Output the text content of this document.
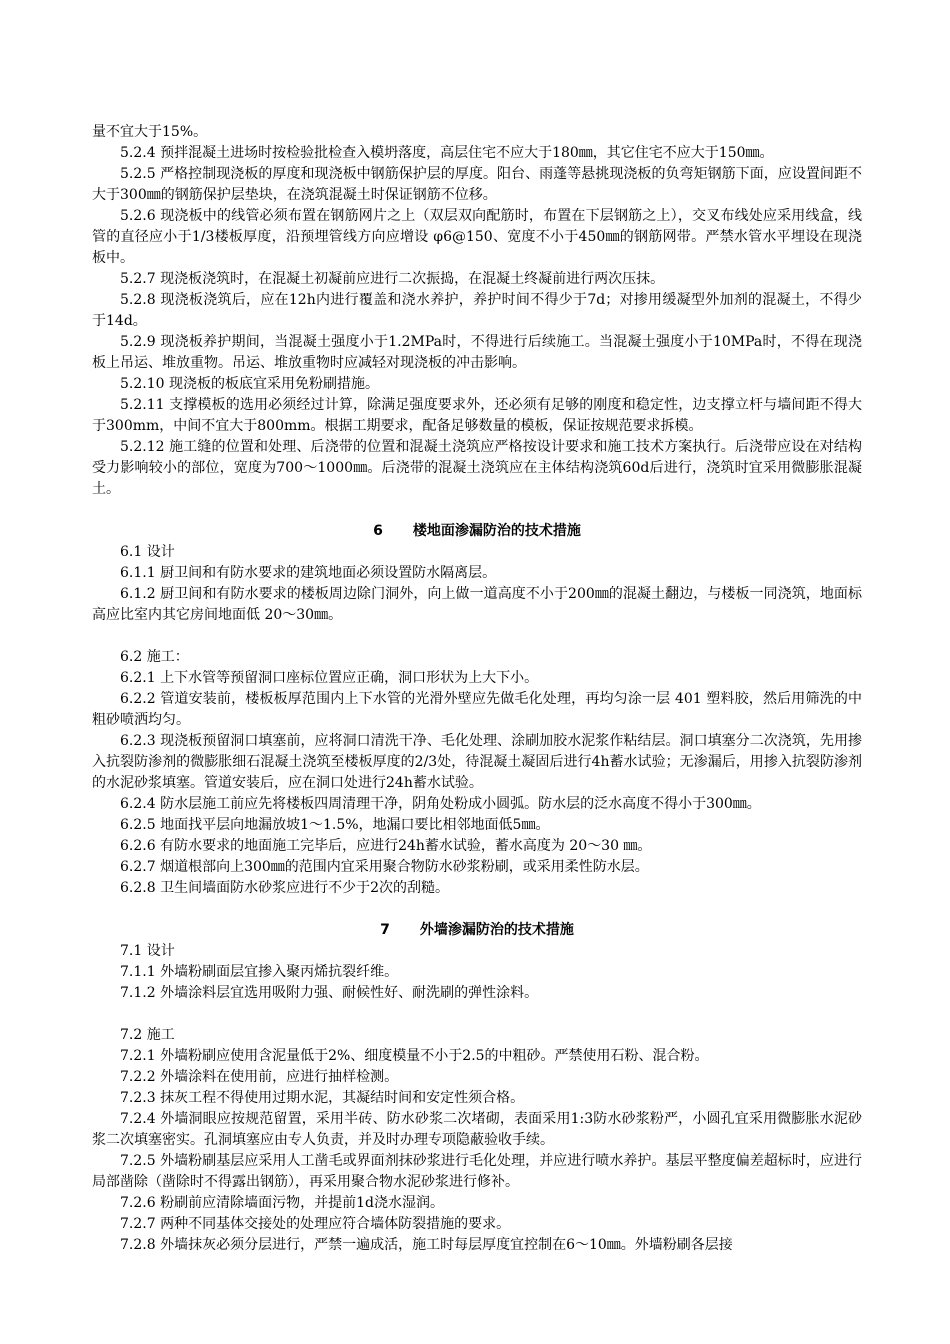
量不宜大于15%。
5.2.4 预拌混凝土进场时按检验批检查入模坍落度，高层住宅不应大于180㎜，其它住宅不应大于150㎜。
5.2.5 严格控制现浇板的厚度和现浇板中钢筋保护层的厚度。阳台、雨蓬等悬挑现浇板的负弯矩钢筋下面，应设置间距不大于300㎜的钢筋保护层垫块，在浇筑混凝土时保证钢筋不位移。
5.2.6 现浇板中的线管必须布置在钢筋网片之上（双层双向配筋时，布置在下层钢筋之上），交叉布线处应采用线盒，线管的直径应小于1/3楼板厚度，沿预埋管线方向应增设 φ6@150、宽度不小于450㎜的钢筋网带。严禁水管水平埋设在现浇板中。
5.2.7 现浇板浇筑时，在混凝土初凝前应进行二次振捣，在混凝土终凝前进行两次压抹。
5.2.8 现浇板浇筑后，应在12h内进行覆盖和浇水养护，养护时间不得少于7d；对掺用缓凝型外加剂的混凝土，不得少于14d。
5.2.9 现浇板养护期间，当混凝土强度小于1.2MPa时，不得进行后续施工。当混凝土强度小于10MPa时，不得在现浇板上吊运、堆放重物。吊运、堆放重物时应减轻对现浇板的冲击影响。
5.2.10 现浇板的板底宜采用免粉刷措施。
5.2.11 支撑模板的选用必须经过计算，除满足强度要求外，还必须有足够的刚度和稳定性，边支撑立杆与墙间距不得大于300mm，中间不宜大于800mm。根据工期要求，配备足够数量的模板，保证按规范要求拆模。
5.2.12 施工缝的位置和处理、后浇带的位置和混凝土浇筑应严格按设计要求和施工技术方案执行。后浇带应设在对结构受力影响较小的部位，宽度为700～1000㎜。后浇带的混凝土浇筑应在主体结构浇筑60d后进行，浇筑时宜采用微膨胀混凝土。
6 楼地面渗漏防治的技术措施
6.1 设计
6.1.1 厨卫间和有防水要求的建筑地面必须设置防水隔离层。
6.1.2 厨卫间和有防水要求的楼板周边除门洞外，向上做一道高度不小于200㎜的混凝土翻边，与楼板一同浇筑，地面标高应比室内其它房间地面低 20～30㎜。
6.2 施工：
6.2.1 上下水管等预留洞口座标位置应正确，洞口形状为上大下小。
6.2.2 管道安装前，楼板板厚范围内上下水管的光滑外壁应先做毛化处理，再均匀涂一层 401 塑料胶，然后用筛洗的中粗砂喷洒均匀。
6.2.3 现浇板预留洞口填塞前，应将洞口清洗干净、毛化处理、涂刷加胶水泥浆作粘结层。洞口填塞分二次浇筑，先用掺入抗裂防渗剂的微膨胀细石混凝土浇筑至楼板厚度的2/3处，待混凝土凝固后进行4h蓄水试验；无渗漏后，用掺入抗裂防渗剂的水泥砂浆填塞。管道安装后，应在洞口处进行24h蓄水试验。
6.2.4 防水层施工前应先将楼板四周清理干净，阴角处粉成小圆弧。防水层的泛水高度不得小于300㎜。
6.2.5 地面找平层向地漏放坡1～1.5%，地漏口要比相邻地面低5㎜。
6.2.6 有防水要求的地面施工完毕后，应进行24h蓄水试验，蓄水高度为 20～30 ㎜。
6.2.7 烟道根部向上300㎜的范围内宜采用聚合物防水砂浆粉刷，或采用柔性防水层。
6.2.8 卫生间墙面防水砂浆应进行不少于2次的刮糙。
7 外墙渗漏防治的技术措施
7.1 设计
7.1.1 外墙粉刷面层宜掺入聚丙烯抗裂纤维。
7.1.2 外墙涂料层宜选用吸附力强、耐候性好、耐洗刷的弹性涂料。
7.2 施工
7.2.1 外墙粉刷应使用含泥量低于2%、细度模量不小于2.5的中粗砂。严禁使用石粉、混合粉。
7.2.2 外墙涂料在使用前，应进行抽样检测。
7.2.3 抹灰工程不得使用过期水泥，其凝结时间和安定性须合格。
7.2.4 外墙洞眼应按规范留置，采用半砖、防水砂浆二次堵砌，表面采用1:3防水砂浆粉严，小圆孔宜采用微膨胀水泥砂浆二次填塞密实。孔洞填塞应由专人负责，并及时办理专项隐蔽验收手续。
7.2.5 外墙粉刷基层应采用人工凿毛或界面剂抹砂浆进行毛化处理，并应进行喷水养护。基层平整度偏差超标时，应进行局部凿除（凿除时不得露出钢筋），再采用聚合物水泥砂浆进行修补。
7.2.6 粉刷前应清除墙面污物，并提前1d浇水湿润。
7.2.7 两种不同基体交接处的处理应符合墙体防裂措施的要求。
7.2.8 外墙抹灰必须分层进行，严禁一遍成活，施工时每层厚度宜控制在6～10㎜。外墙粉刷各层接
